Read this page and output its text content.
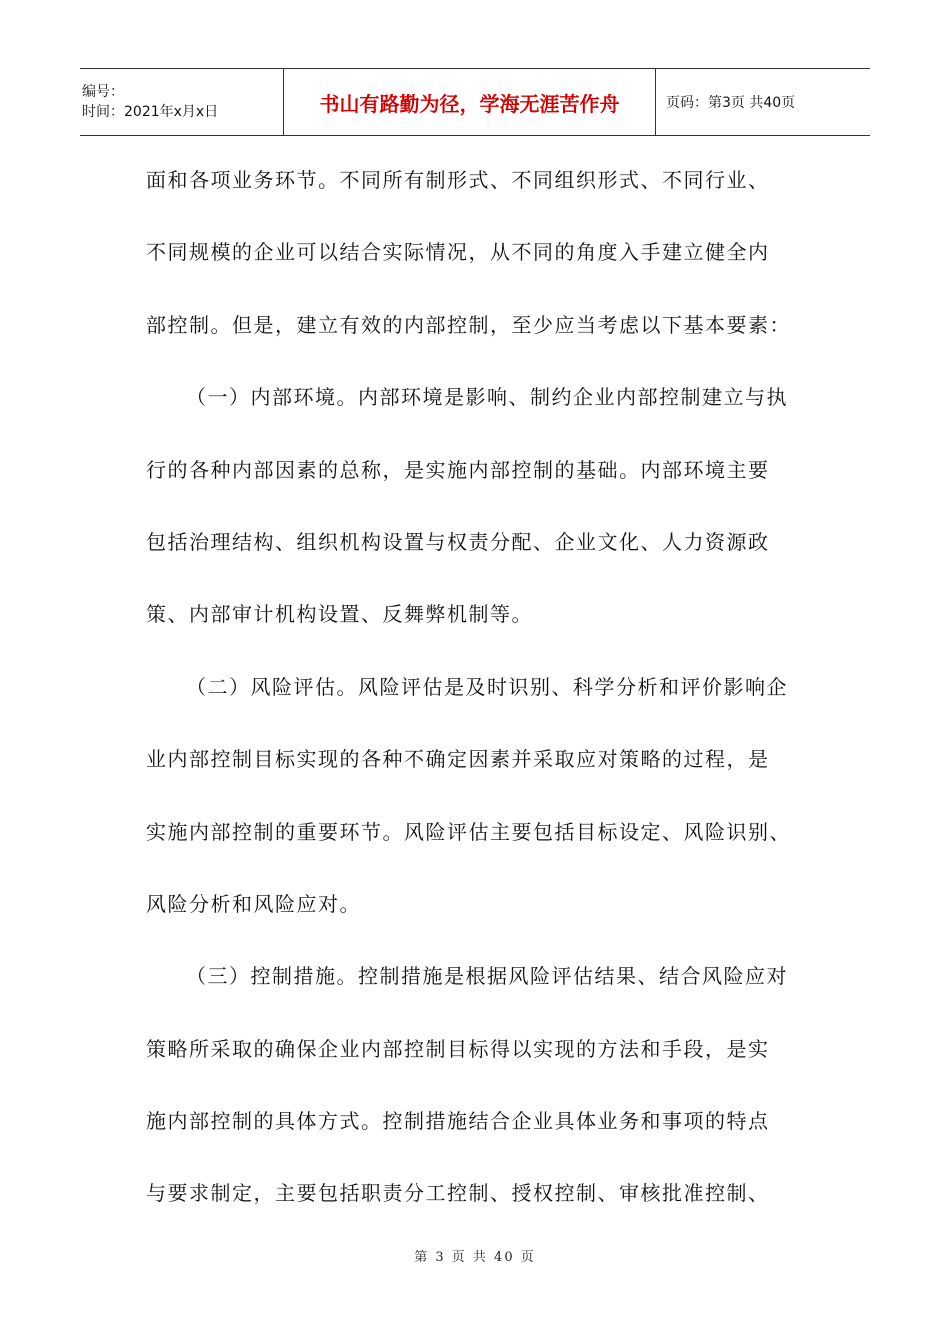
编号：
时间：2021年x月x日	书山有路勤为径，学海无涯苦作舟	页码：第3页 共40页
面和各项业务环节。不同所有制形式、不同组织形式、不同行业、
不同规模的企业可以结合实际情况，从不同的角度入手建立健全内
部控制。但是，建立有效的内部控制，至少应当考虑以下基本要素：
（一）内部环境。内部环境是影响、制约企业内部控制建立与执
行的各种内部因素的总称，是实施内部控制的基础。内部环境主要
包括治理结构、组织机构设置与权责分配、企业文化、人力资源政
策、内部审计机构设置、反舞弊机制等。
（二）风险评估。风险评估是及时识别、科学分析和评价影响企
业内部控制目标实现的各种不确定因素并采取应对策略的过程，是
实施内部控制的重要环节。风险评估主要包括目标设定、风险识别、
风险分析和风险应对。
（三）控制措施。控制措施是根据风险评估结果、结合风险应对
策略所采取的确保企业内部控制目标得以实现的方法和手段，是实
施内部控制的具体方式。控制措施结合企业具体业务和事项的特点
与要求制定，主要包括职责分工控制、授权控制、审核批准控制、
第 3 页 共 40 页
